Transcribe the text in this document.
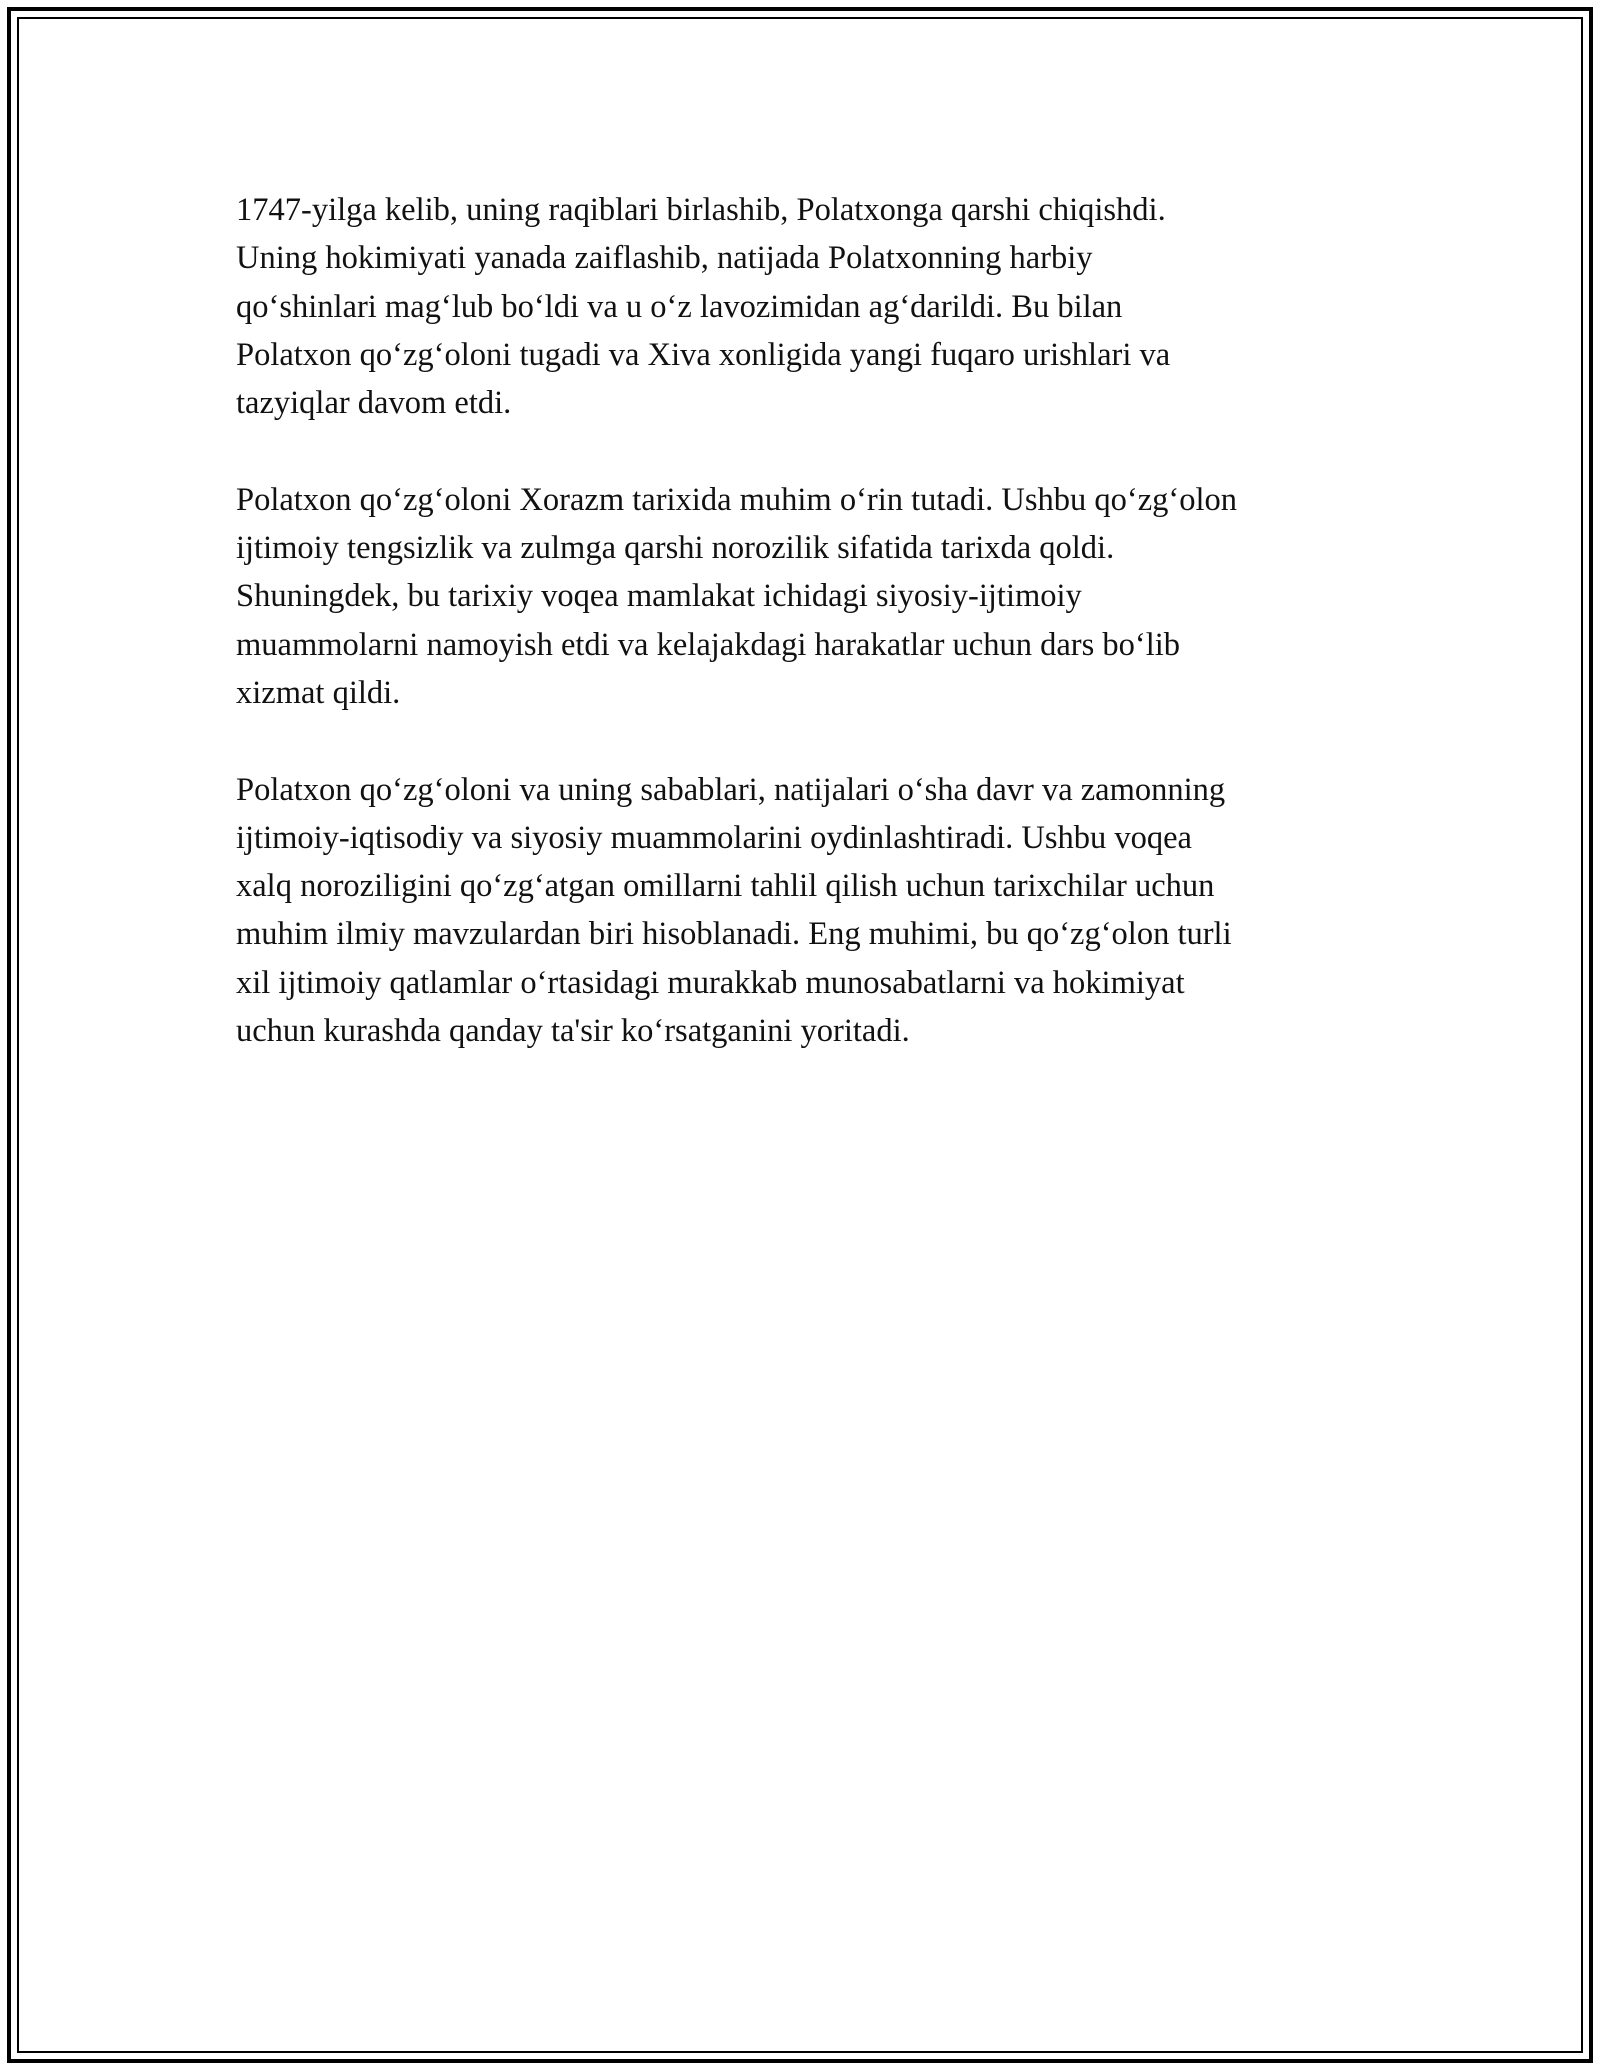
1747-yilga kelib, uning raqiblari birlashib, Polatxonga qarshi chiqishdi.
Uning hokimiyati yanada zaiflashib, natijada Polatxonning harbiy
qo‘shinlari mag‘lub bo‘ldi va u o‘z lavozimidan ag‘darildi. Bu bilan
Polatxon qo‘zg‘oloni tugadi va Xiva xonligida yangi fuqaro urishlari va
tazyiqlar davom etdi.

Polatxon qo‘zg‘oloni Xorazm tarixida muhim o‘rin tutadi. Ushbu qo‘zg‘olon
ijtimoiy tengsizlik va zulmga qarshi norozilik sifatida tarixda qoldi.
Shuningdek, bu tarixiy voqea mamlakat ichidagi siyosiy-ijtimoiy
muammolarni namoyish etdi va kelajakdagi harakatlar uchun dars bo‘lib
xizmat qildi.

Polatxon qo‘zg‘oloni va uning sabablari, natijalari o‘sha davr va zamonning
ijtimoiy-iqtisodiy va siyosiy muammolarini oydinlashtiradi. Ushbu voqea
xalq noroziligini qo‘zg‘atgan omillarni tahlil qilish uchun tarixchilar uchun
muhim ilmiy mavzulardan biri hisoblanadi. Eng muhimi, bu qo‘zg‘olon turli
xil ijtimoiy qatlamlar o‘rtasidagi murakkab munosabatlarni va hokimiyat
uchun kurashda qanday ta'sir ko‘rsatganini yoritadi.
